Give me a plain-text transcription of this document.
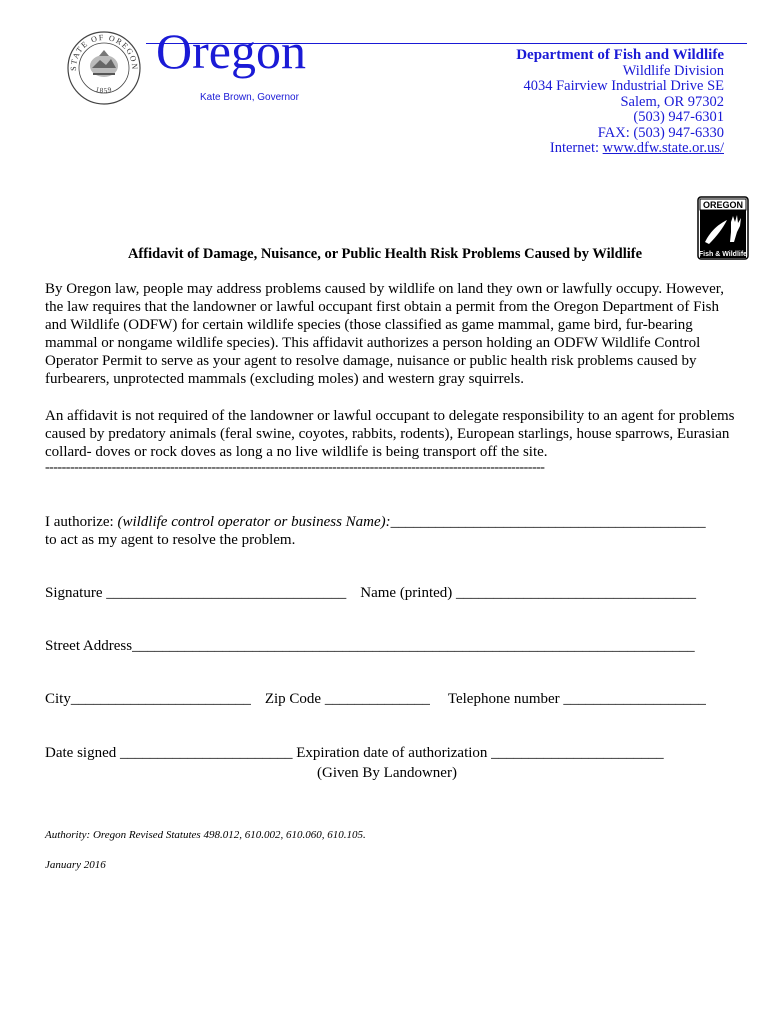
STATE OF OREGON
1859
Oregon
Kate Brown, Governor
Department of Fish and Wildlife
Wildlife Division
4034 Fairview Industrial Drive SE
Salem, OR 97302
(503) 947-6301
FAX: (503) 947-6330
Internet: www.dfw.state.or.us/
OREGON
Fish & Wildlife
Affidavit of Damage, Nuisance, or Public Health Risk Problems Caused by Wildlife
By Oregon law, people may address problems caused by wildlife on land they own or lawfully occupy. However, the law requires that the landowner or lawful occupant first obtain a permit from the Oregon Department of Fish and Wildlife (ODFW) for certain wildlife species (those classified as game mammal, game bird, fur-bearing mammal or nongame wildlife species). This affidavit authorizes a person holding an ODFW Wildlife Control Operator Permit to serve as your agent to resolve damage, nuisance or public health risk problems caused by furbearers, unprotected mammals (excluding moles) and western gray squirrels.
An affidavit is not required of the landowner or lawful occupant to delegate responsibility to an agent for problems caused by predatory animals (feral swine, coyotes, rabbits, rodents), European starlings, house sparrows, Eurasian collard- doves or rock doves as long a no live wildlife is being transport off the site.
------------------------------------------------------------------------------------------------------------------------
I authorize: (wildlife control operator or business Name):__________________________________________
to act as my agent to resolve the problem.
Signature ________________________________ Name (printed) ________________________________
Street Address___________________________________________________________________________
City________________________ Zip Code ______________ Telephone number ___________________
Date signed _______________________ Expiration date of authorization _______________________
(Given By Landowner)
Authority: Oregon Revised Statutes 498.012, 610.002, 610.060, 610.105.
January 2016
